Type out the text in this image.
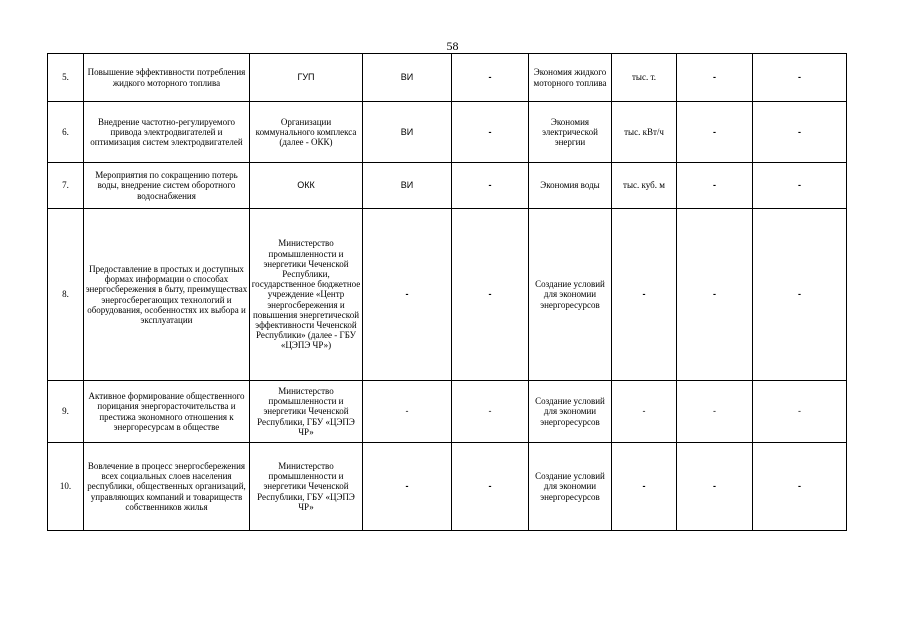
58
5.	Повышение эффективности потребления жидкого моторного топлива	ГУП	ВИ	-	Экономия жидкого моторного топлива	тыс. т.	-	-
6.	Внедрение частотно-регулируемого привода электродвигателей и оптимизация систем электродвигателей	Организации коммунального комплекса (далее - ОКК)	ВИ	-	Экономия электрической энергии	тыс. кВт/ч	-	-
7.	Мероприятия по сокращению потерь воды, внедрение систем оборотного водоснабжения	ОКК	ВИ	-	Экономия воды	тыс. куб. м	-	-
8.	Предоставление в простых и доступных формах информации о способах энергосбережения в быту, преимуществах энергосберегающих технологий и оборудования, особенностях их выбора и эксплуатации	Министерство промышленности и энергетики Чеченской Республики, государственное бюджетное учреждение «Центр энергосбережения и повышения энергетической эффективности Чеченской Республики» (далее - ГБУ «ЦЭПЭ ЧР»)	-	-	Создание условий для экономии энергоресурсов	-	-	-
9.	Активное формирование общественного порицания энергорасточительства и престижа экономного отношения к энергоресурсам в обществе	Министерство промышленности и энергетики Чеченской Республики, ГБУ «ЦЭПЭ ЧР»	-	-	Создание условий для экономии энергоресурсов	-	-	-
10.	Вовлечение в процесс энергосбережения всех социальных слоев населения республики, общественных организаций, управляющих компаний и товариществ собственников жилья	Министерство промышленности и энергетики Чеченской Республики, ГБУ «ЦЭПЭ ЧР»	-	-	Создание условий для экономии энергоресурсов	-	-	-
